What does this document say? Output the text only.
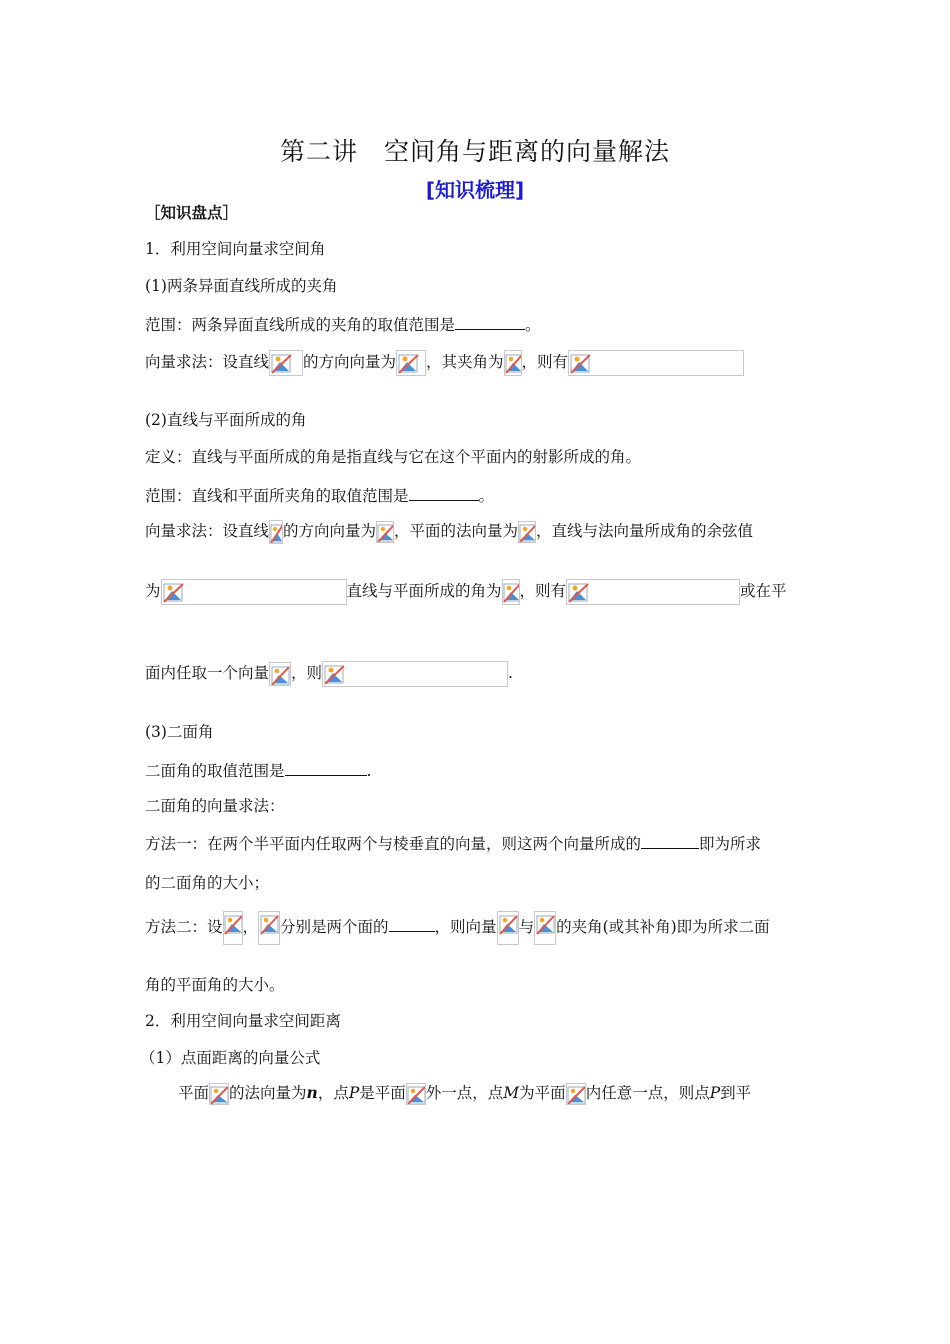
第二讲　空间角与距离的向量解法
[知识梳理]
［知识盘点］
1．利用空间向量求空间角
(1)两条异面直线所成的夹角
范围：两条异面直线所成的夹角的取值范围是	。
向量求法：设直线 的方向向量为 ，其夹角为 ，则有
(2)直线与平面所成的角
定义：直线与平面所成的角是指直线与它在这个平面内的射影所成的角。
范围：直线和平面所夹角的取值范围是	。
向量求法：设直线 的方向向量为 ，平面的法向量为 ，直线与法向量所成角的余弦值
为	直线与平面所成的角为 ，则有	或在平
面内任取一个向量 ，则	.
(3)二面角
二面角的取值范围是	.
二面角的向量求法：
方法一：在两个半平面内任取两个与棱垂直的向量，则这两个向量所成的	即为所求
的二面角的大小；
方法二：设 ， 分别是两个面的	，则向量 与 的夹角(或其补角)即为所求二面
角的平面角的大小。
2．利用空间向量求空间距离
（1）点面距离的向量公式
平面 的法向量为n，点P是平面 外一点，点M为平面 内任意一点，则点P到平
